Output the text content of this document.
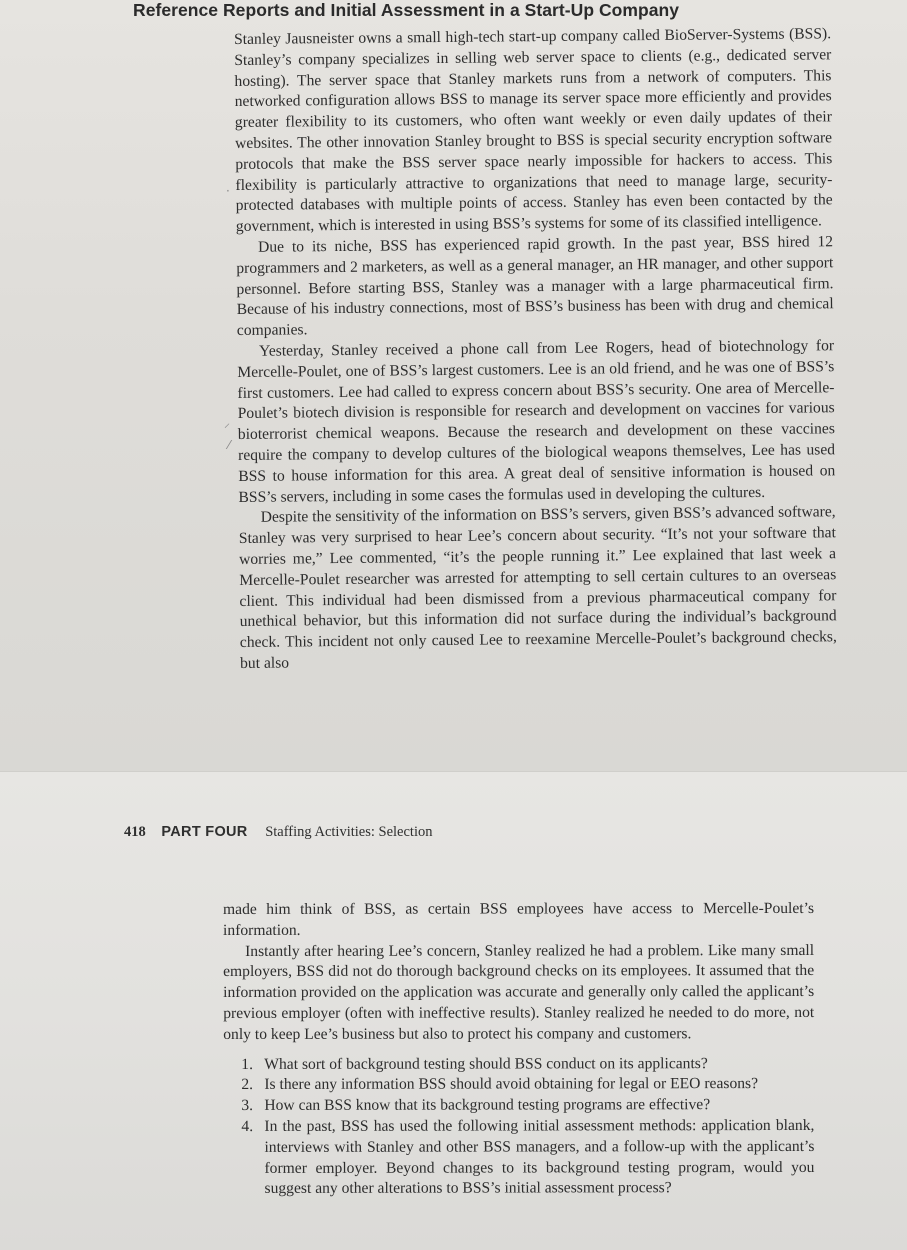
Reference Reports and Initial Assessment in a Start-Up Company

Stanley Jausneister owns a small high-tech start-up company called BioServer-Systems (BSS). Stanley’s company specializes in selling web server space to clients (e.g., dedicated server hosting). The server space that Stanley markets runs from a network of computers. This networked configuration allows BSS to manage its server space more efficiently and provides greater flexibility to its customers, who often want weekly or even daily updates of their websites. The other innovation Stanley brought to BSS is special security encryption software protocols that make the BSS server space nearly impossible for hackers to access. This flexibility is particularly attractive to organizations that need to manage large, security-protected databases with multiple points of access. Stanley has even been contacted by the government, which is interested in using BSS’s systems for some of its classified intelligence.

Due to its niche, BSS has experienced rapid growth. In the past year, BSS hired 12 programmers and 2 marketers, as well as a general manager, an HR manager, and other support personnel. Before starting BSS, Stanley was a manager with a large pharmaceutical firm. Because of his industry connections, most of BSS’s business has been with drug and chemical companies.

Yesterday, Stanley received a phone call from Lee Rogers, head of biotechnology for Mercelle-Poulet, one of BSS’s largest customers. Lee is an old friend, and he was one of BSS’s first customers. Lee had called to express concern about BSS’s security. One area of Mercelle-Poulet’s biotech division is responsible for research and development on vaccines for various bioterrorist chemical weapons. Because the research and development on these vaccines require the company to develop cultures of the biological weapons themselves, Lee has used BSS to house information for this area. A great deal of sensitive information is housed on BSS’s servers, including in some cases the formulas used in developing the cultures.

Despite the sensitivity of the information on BSS’s servers, given BSS’s advanced software, Stanley was very surprised to hear Lee’s concern about security. “It’s not your software that worries me,” Lee commented, “it’s the people running it.” Lee explained that last week a Mercelle-Poulet researcher was arrested for attempting to sell certain cultures to an overseas client. This individual had been dismissed from a previous pharmaceutical company for unethical behavior, but this information did not surface during the individual’s background check. This incident not only caused Lee to reexamine Mercelle-Poulet’s background checks, but also

418 PART FOUR Staffing Activities: Selection

made him think of BSS, as certain BSS employees have access to Mercelle-Poulet’s information.

Instantly after hearing Lee’s concern, Stanley realized he had a problem. Like many small employers, BSS did not do thorough background checks on its employees. It assumed that the information provided on the application was accurate and generally only called the applicant’s previous employer (often with ineffective results). Stanley realized he needed to do more, not only to keep Lee’s business but also to protect his company and customers.

1. What sort of background testing should BSS conduct on its applicants?
2. Is there any information BSS should avoid obtaining for legal or EEO reasons?
3. How can BSS know that its background testing programs are effective?
4. In the past, BSS has used the following initial assessment methods: application blank, interviews with Stanley and other BSS managers, and a follow-up with the applicant’s former employer. Beyond changes to its background testing program, would you suggest any other alterations to BSS’s initial assessment process?
·
⸝
⁄
